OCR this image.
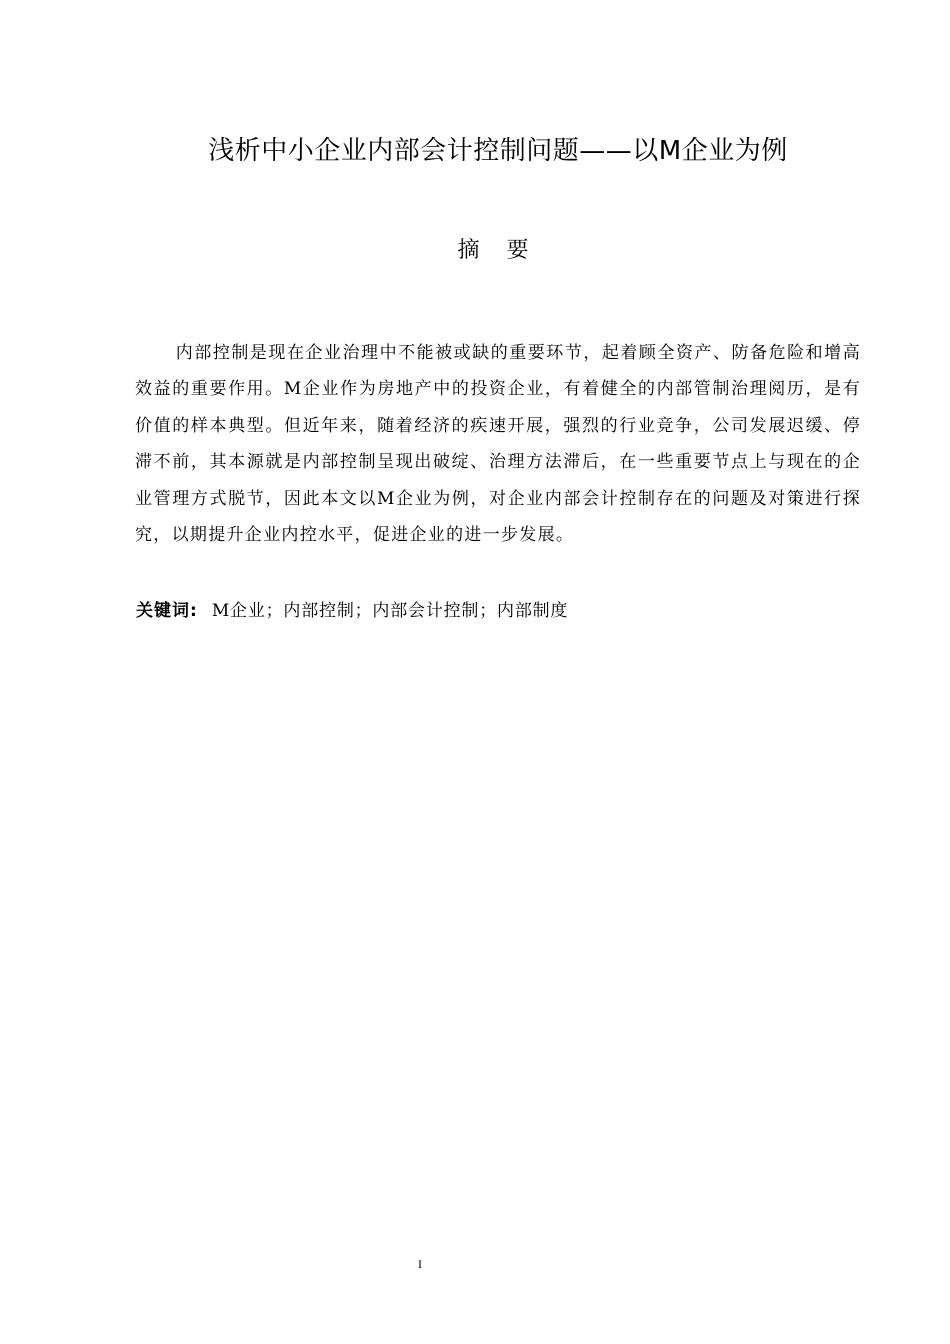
浅析中小企业内部会计控制问题——以M企业为例
摘 要

内部控制是现在企业治理中不能被或缺的重要环节，起着顾全资产、防备危险和增高效益的重要作用。M企业作为房地产中的投资企业，有着健全的内部管制治理阅历，是有价值的样本典型。但近年来，随着经济的疾速开展，强烈的行业竞争，公司发展迟缓、停滞不前，其本源就是内部控制呈现出破绽、治理方法滞后，在一些重要节点上与现在的企业管理方式脱节，因此本文以M企业为例，对企业内部会计控制存在的问题及对策进行探究，以期提升企业内控水平，促进企业的进一步发展。

关键词: M企业；内部控制；内部会计控制；内部制度
I
